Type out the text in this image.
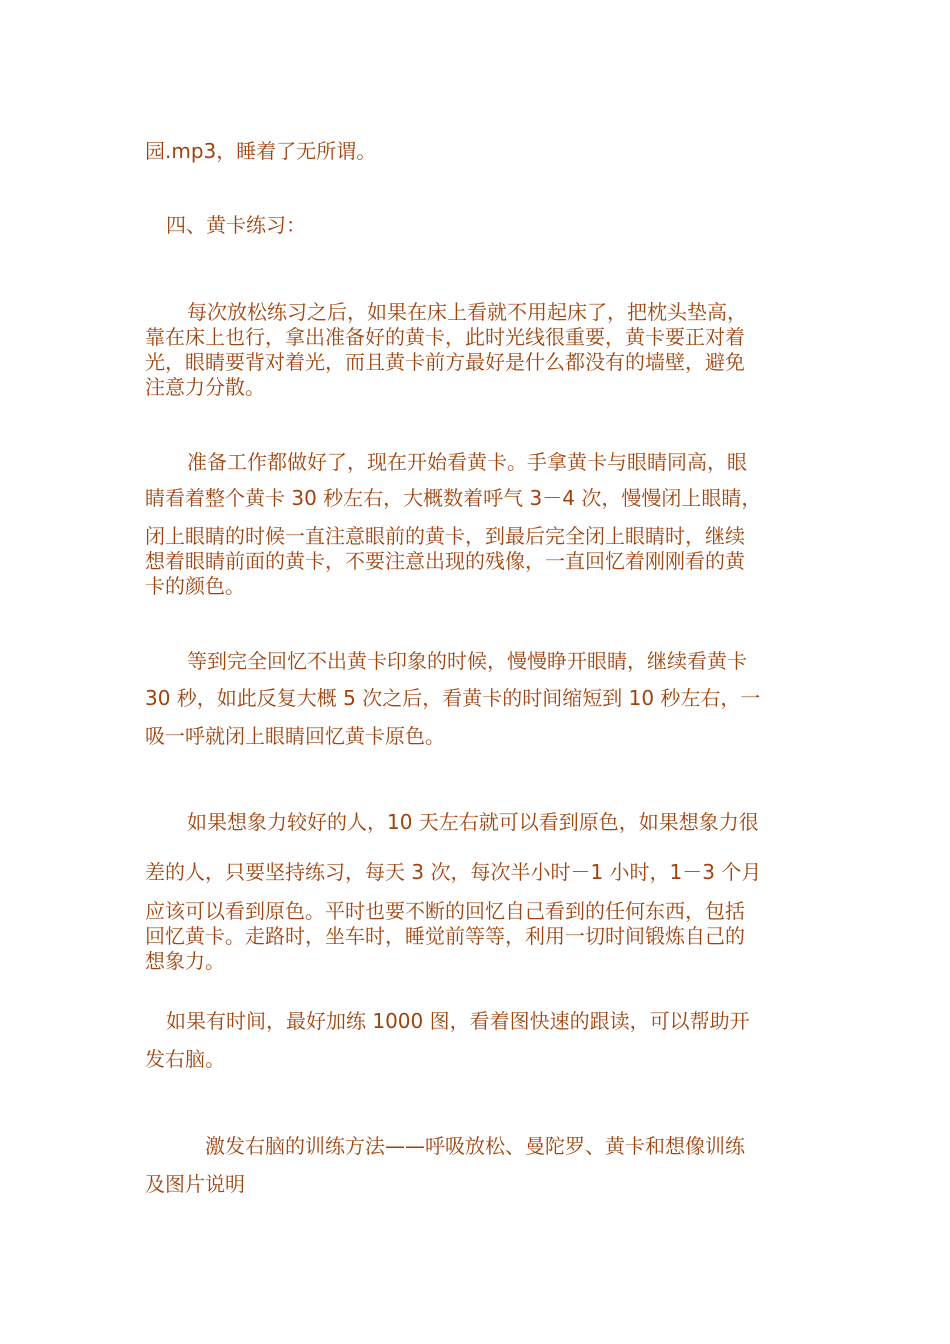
园.mp3，睡着了无所谓。
四、黄卡练习：
每次放松练习之后，如果在床上看就不用起床了，把枕头垫高，
靠在床上也行，拿出准备好的黄卡，此时光线很重要，黄卡要正对着
光，眼睛要背对着光，而且黄卡前方最好是什么都没有的墙壁，避免
注意力分散。
准备工作都做好了，现在开始看黄卡。手拿黄卡与眼睛同高，眼
睛看着整个黄卡 30 秒左右，大概数着呼气 3－4 次，慢慢闭上眼睛，
闭上眼睛的时候一直注意眼前的黄卡，到最后完全闭上眼睛时，继续
想着眼睛前面的黄卡，不要注意出现的残像，一直回忆着刚刚看的黄
卡的颜色。
等到完全回忆不出黄卡印象的时候，慢慢睁开眼睛，继续看黄卡
30 秒，如此反复大概 5 次之后，看黄卡的时间缩短到 10 秒左右，一
吸一呼就闭上眼睛回忆黄卡原色。
如果想象力较好的人，10 天左右就可以看到原色，如果想象力很
差的人，只要坚持练习，每天 3 次，每次半小时－1 小时，1－3 个月
应该可以看到原色。平时也要不断的回忆自己看到的任何东西，包括
回忆黄卡。走路时，坐车时，睡觉前等等，利用一切时间锻炼自己的
想象力。
如果有时间，最好加练 1000 图，看着图快速的跟读，可以帮助开
发右脑。
激发右脑的训练方法——呼吸放松、曼陀罗、黄卡和想像训练
及图片说明
